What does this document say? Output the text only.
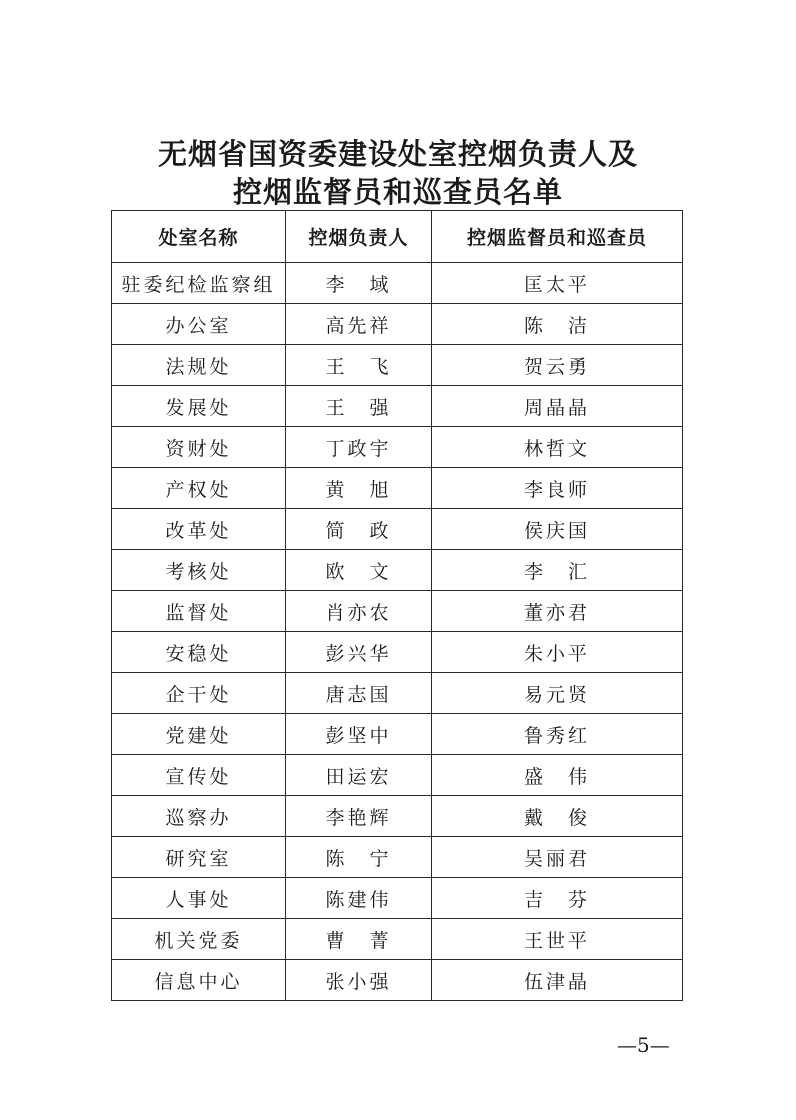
无烟省国资委建设处室控烟负责人及
控烟监督员和巡查员名单
处室名称	控烟负责人	控烟监督员和巡查员
驻委纪检监察组	李　域	匡太平
办公室	高先祥	陈　洁
法规处	王　飞	贺云勇
发展处	王　强	周晶晶
资财处	丁政宇	林哲文
产权处	黄　旭	李良师
改革处	简　政	侯庆国
考核处	欧　文	李　汇
监督处	肖亦农	董亦君
安稳处	彭兴华	朱小平
企干处	唐志国	易元贤
党建处	彭坚中	鲁秀红
宣传处	田运宏	盛　伟
巡察办	李艳辉	戴　俊
研究室	陈　宁	吴丽君
人事处	陈建伟	吉　芬
机关党委	曹　菁	王世平
信息中心	张小强	伍津晶
—5—
